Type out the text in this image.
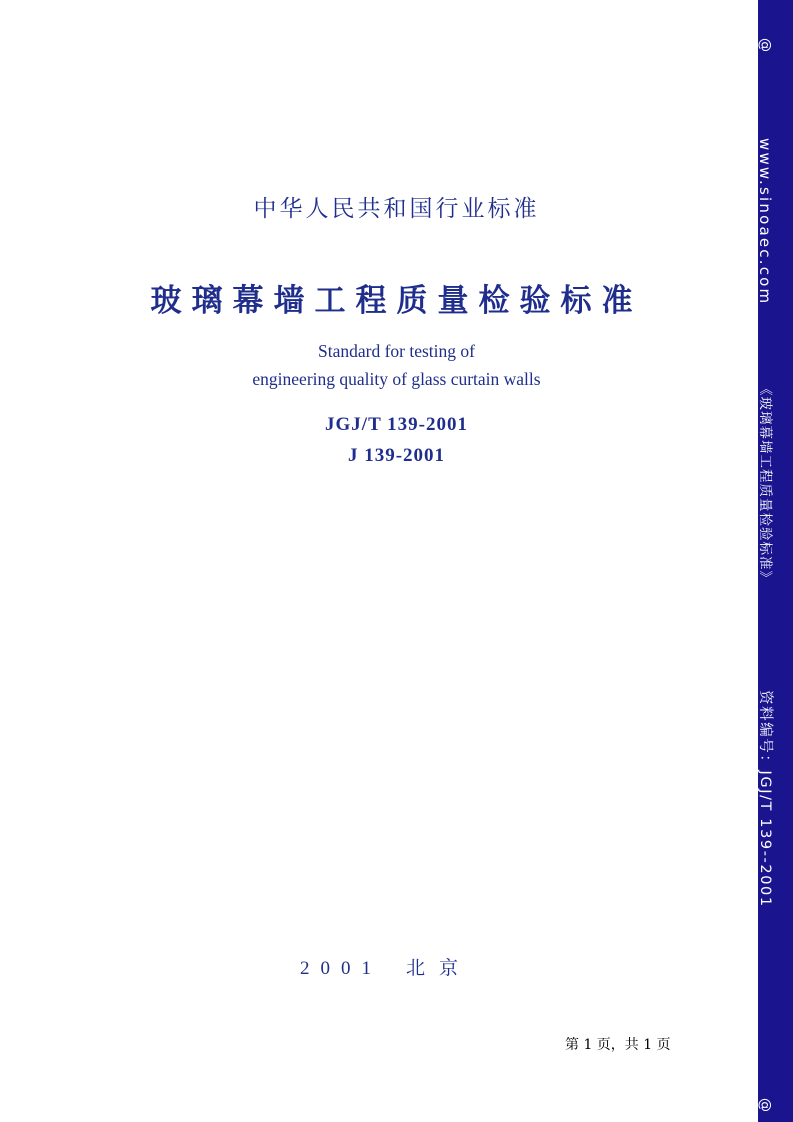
中华人民共和国行业标准
玻璃幕墙工程质量检验标准
Standard for testing of
engineering quality of glass curtain walls
JGJ/T 139-2001
J 139-2001
2001 北京
第 1 页，共 1 页
@
www.sinoaec.com
《玻璃幕墙工程质量检验标准》
资料编号：JGJ/T 139--2001
@
